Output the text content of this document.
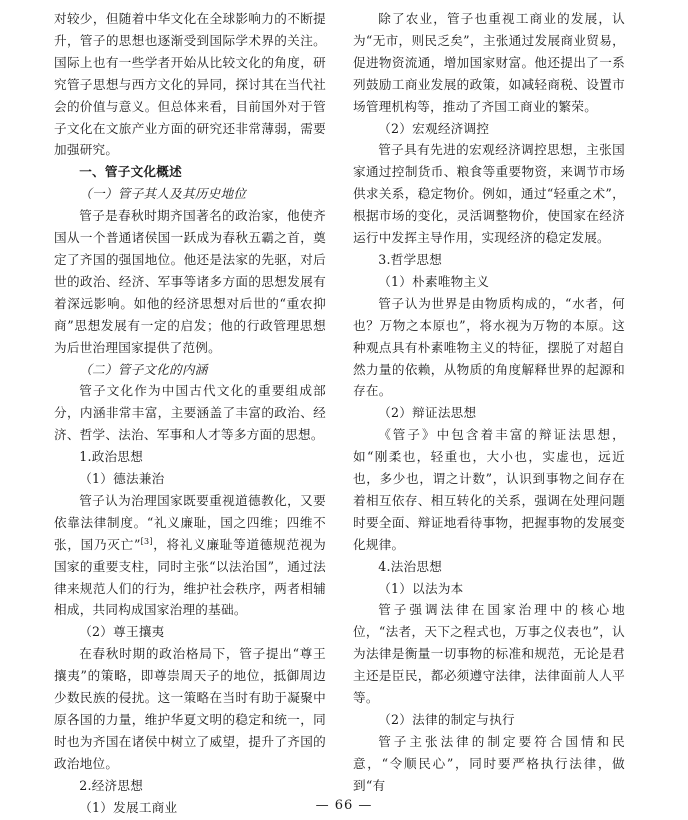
对较少，但随着中华文化在全球影响力的不断提升，管子的思想也逐渐受到国际学术界的关注。国际上也有一些学者开始从比较文化的角度，研究管子思想与西方文化的异同，探讨其在当代社会的价值与意义。但总体来看，目前国外对于管子文化在文旅产业方面的研究还非常薄弱，需要加强研究。

一、管子文化概述

（一）管子其人及其历史地位

管子是春秋时期齐国著名的政治家，他使齐国从一个普通诸侯国一跃成为春秋五霸之首，奠定了齐国的强国地位。他还是法家的先驱，对后世的政治、经济、军事等诸多方面的思想发展有着深远影响。如他的经济思想对后世的“重农抑商”思想发展有一定的启发；他的行政管理思想为后世治理国家提供了范例。

（二）管子文化的内涵

管子文化作为中国古代文化的重要组成部分，内涵非常丰富，主要涵盖了丰富的政治、经济、哲学、法治、军事和人才等多方面的思想。

1.政治思想

（1）德法兼治

管子认为治理国家既要重视道德教化，又要依靠法律制度。“礼义廉耻，国之四维；四维不张，国乃灭亡”[3]，将礼义廉耻等道德规范视为国家的重要支柱，同时主张“以法治国”，通过法律来规范人们的行为，维护社会秩序，两者相辅相成，共同构成国家治理的基础。

（2）尊王攘夷

在春秋时期的政治格局下，管子提出“尊王攘夷”的策略，即尊崇周天子的地位，抵御周边少数民族的侵扰。这一策略在当时有助于凝聚中原各国的力量，维护华夏文明的稳定和统一，同时也为齐国在诸侯中树立了威望，提升了齐国的政治地位。

2.经济思想

（1）发展工商业

除了农业，管子也重视工商业的发展，认为“无市，则民乏矣”，主张通过发展商业贸易，促进物资流通，增加国家财富。他还提出了一系列鼓励工商业发展的政策，如减轻商税、设置市场管理机构等，推动了齐国工商业的繁荣。

（2）宏观经济调控

管子具有先进的宏观经济调控思想，主张国家通过控制货币、粮食等重要物资，来调节市场供求关系，稳定物价。例如，通过“轻重之术”，根据市场的变化，灵活调整物价，使国家在经济运行中发挥主导作用，实现经济的稳定发展。

3.哲学思想

（1）朴素唯物主义

管子认为世界是由物质构成的，“水者，何也？万物之本原也”，将水视为万物的本原。这种观点具有朴素唯物主义的特征，摆脱了对超自然力量的依赖，从物质的角度解释世界的起源和存在。

（2）辩证法思想

《管子》中包含着丰富的辩证法思想，如“刚柔也，轻重也，大小也，实虚也，远近也，多少也，谓之计数”，认识到事物之间存在着相互依存、相互转化的关系，强调在处理问题时要全面、辩证地看待事物，把握事物的发展变化规律。

4.法治思想

（1）以法为本

管子强调法律在国家治理中的核心地位，“法者，天下之程式也，万事之仪表也”，认为法律是衡量一切事物的标准和规范，无论是君主还是臣民，都必须遵守法律，法律面前人人平等。

（2）法律的制定与执行

管子主张法律的制定要符合国情和民意，“令顺民心”，同时要严格执行法律，做到“有

— 66 —
